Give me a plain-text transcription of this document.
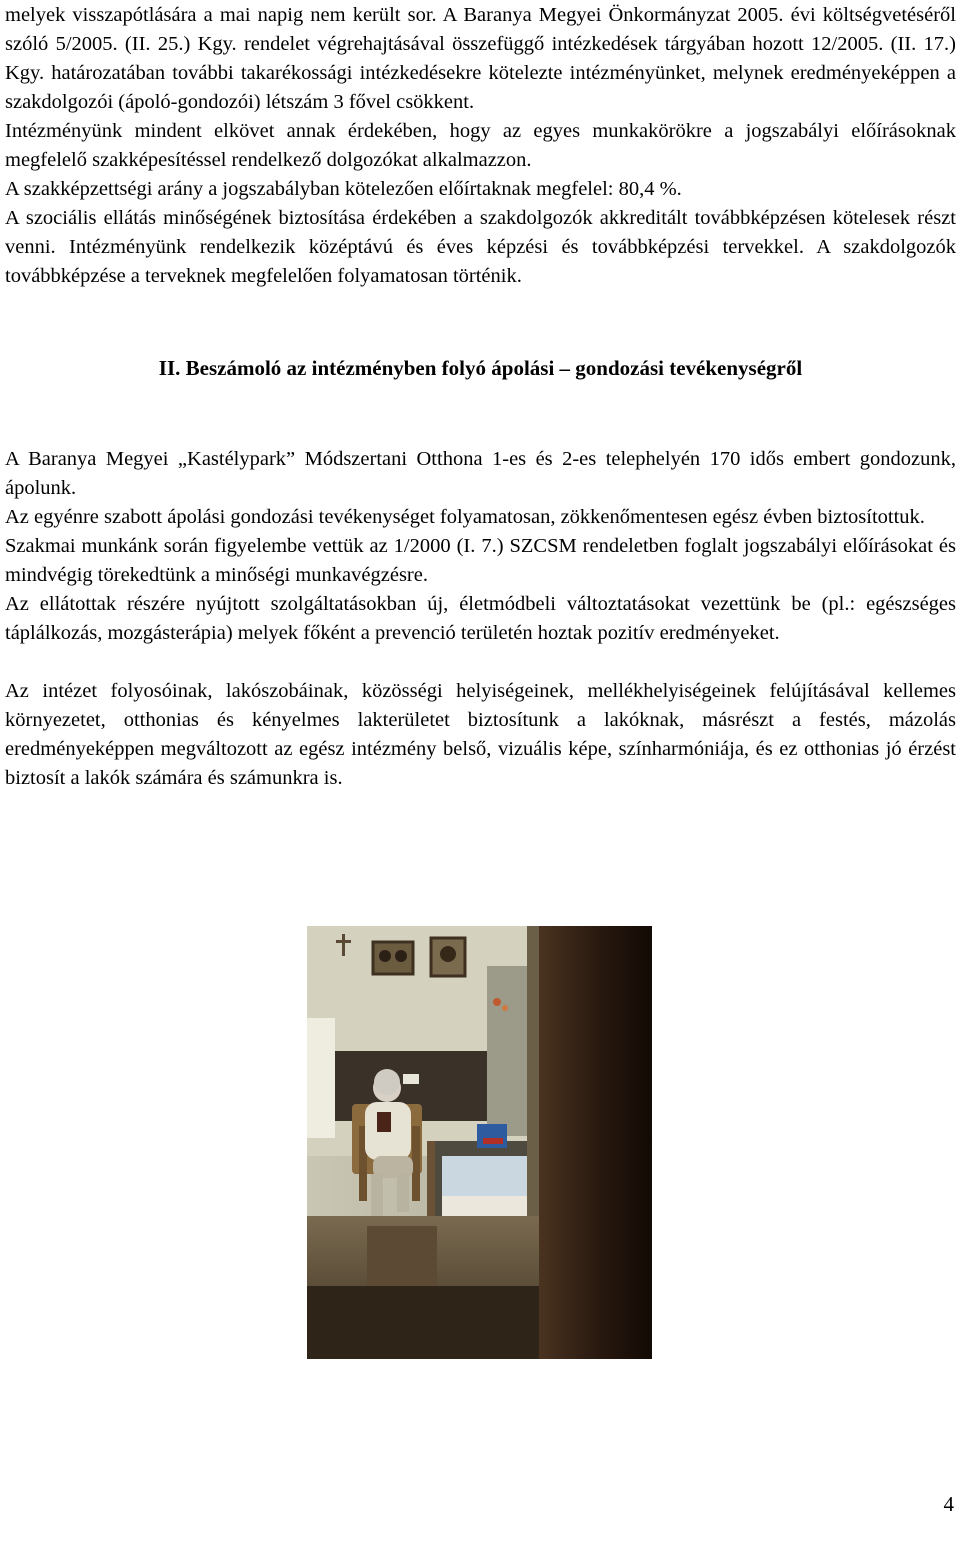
melyek visszapótlására a mai napig nem került sor. A Baranya Megyei Önkormányzat 2005. évi költségvetéséről szóló 5/2005. (II. 25.) Kgy. rendelet végrehajtásával összefüggő intézkedések tárgyában hozott 12/2005. (II. 17.) Kgy. határozatában további takarékossági intézkedésekre kötelezte intézményünket, melynek eredményeképpen a szakdolgozói (ápoló-gondozói) létszám 3 fővel csökkent.

Intézményünk mindent elkövet annak érdekében, hogy az egyes munkakörökre a jogszabályi előírásoknak megfelelő szakképesítéssel rendelkező dolgozókat alkalmazzon.

A szakképzettségi arány a jogszabályban kötelezően előírtaknak megfelel: 80,4 %.

A szociális ellátás minőségének biztosítása érdekében a szakdolgozók akkreditált továbbképzésen kötelesek részt venni. Intézményünk rendelkezik középtávú és éves képzési és továbbképzési tervekkel. A szakdolgozók továbbképzése a terveknek megfelelően folyamatosan történik.

II. Beszámoló az intézményben folyó ápolási – gondozási tevékenységről

A Baranya Megyei „Kastélypark” Módszertani Otthona 1-es és 2-es telephelyén 170 idős embert gondozunk, ápolunk.

Az egyénre szabott ápolási gondozási tevékenységet folyamatosan, zökkenőmentesen egész évben biztosítottuk.

Szakmai munkánk során figyelembe vettük az 1/2000 (I. 7.) SZCSM rendeletben foglalt jogszabályi előírásokat és mindvégig törekedtünk a minőségi munkavégzésre.

Az ellátottak részére nyújtott szolgáltatásokban új, életmódbeli változtatásokat vezettünk be (pl.: egészséges táplálkozás, mozgásterápia) melyek főként a prevenció területén hoztak pozitív eredményeket.

Az intézet folyosóinak, lakószobáinak, közösségi helyiségeinek, mellékhelyiségeinek felújításával kellemes környezetet, otthonias és kényelmes lakterületet biztosítunk a lakóknak, másrészt a festés, mázolás eredményeképpen megváltozott az egész intézmény belső, vizuális képe, színharmóniája, és ez otthonias jó érzést biztosít a lakók számára és számunkra is.

4
